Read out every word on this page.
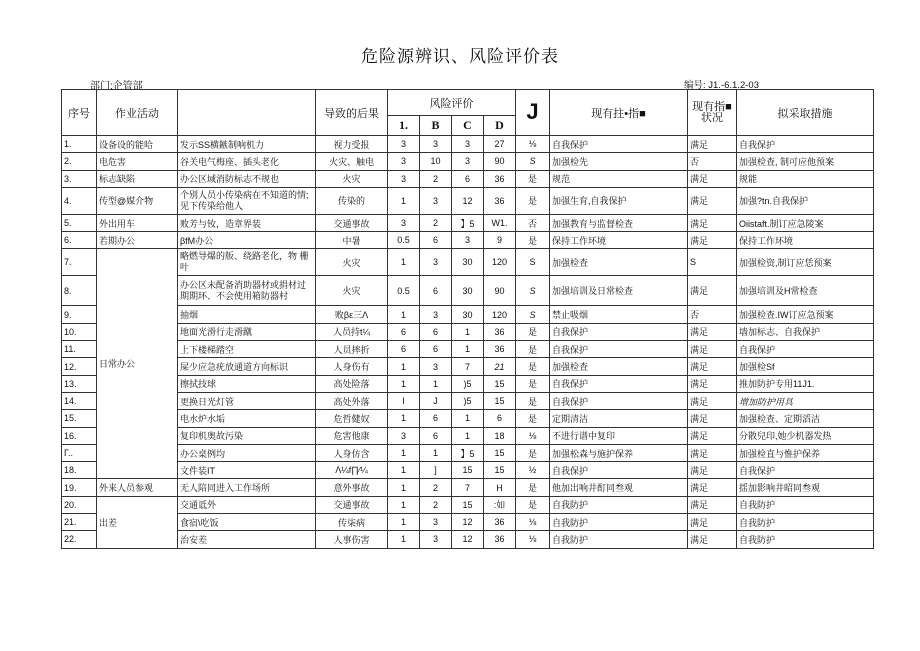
危险源辨识、风险评价表
部门:企管部	编号: J1.-6.1.2-03
序号	作业活动		导致的后果	风险评价				J	现有拄•指■	现有指■状况	拟采取措施
				1.	B	C	D				
1.	设备设的能哈	发示SS横鏃制响机力	视力受报	3	3	3	27	⅛	自我保护	满足	自我保护
2.	电危害	谷关电气梅座、插头老化	火灾、触电	3	10	3	90	S	加强检先	否	加强检查, 制可应他预案
3.	标志缺陷	办公区域消防标志不规也	火灾	3	2	6	36	是	规范	满足	规能
4.	传型@媒介物	个别人员小传染病在不知道的情; 见下传染给他人	传染的	1	3	12	36	是	加强生育,自我保护	满足	加强?tn.自我保护
5.	外出用车	败芳与钕，造章界装	交通事故	3	2	】5	W1.	否	加强教育与监督检查	满足	Oiistaft.制订应急陵案
6.	若期办公	βfM办公	中暑	0.5	6	3	9	是	保持工作环境	满足	保持工作环境
7.	日常办公	略燃导爆的版、绕路老化，物 栅叶	火灾	1	3	30	120	S	加强检查	S	加强检资,制订应恁预案
8.		办公区未配备消助器材或捐材过期期环、不会使用箱防器村	火灾	0.5	6	30	90	S	加强培训及日常检查	满足	加强培训及H常检查
9.		抽烟	败βε三Λ	1	3	30	120	S	禁止吸烟	否	加强检查.IW订应急预案
10.		地面光滑行走滑蹴	人员持t¼	6	6	1	36	是	自我保护	满足	墙加标志、自我保护
11.		上下楼梯踏空	人员摔折	6	6	1	36	是	自我保护	满足	自我保护
12.		屎少应急疣放通道方向标识	人身伤有	1	3	7	21	是	加强检查	满足	加强检Sf
13.		擦拭技球	高处险落	1	1	)5	15	是	自我保护	满足	推加防护专用11J1.
14.		更换日光灯管	高处外落	I	J	)5	15	是	自我保护	满足	增加防护用具
15.		电水炉水垢	危哲健奴	1	6	1	6	是	定期清洁	满足	加强检查、定期滔洁
16.		复印机奥故污染	危害他康	3	6	1	18	⅛	不进行谱中复印	满足	分散兒印,她少机器发热
Γ..		办公桌例均	人身仿含	1	1	】5	15	是	加强松森与施护保养	满足	加强检直与惟护保养
18.		文件装IT	Λ¼f∏∕¼	1	]	15	15	½	自我保护	满足	自我保护
19.	外来人员参观	无人陪同进入工作场所	意外事故	1	2	7	H	是	他加出响井酊同叁观	满足	揺加影响井昭同叁观
20.	出差	交通诋外	交通事故	1	2	15	:如	是	自我防护	满足	自我防护
21.		食宿\吃饭	传柒病	1	3	12	36	⅛	自我防护	满足	自我防护
22.		治安差	人事伤害	1	3	12	36	⅛	自我防护	满足	自我防护
